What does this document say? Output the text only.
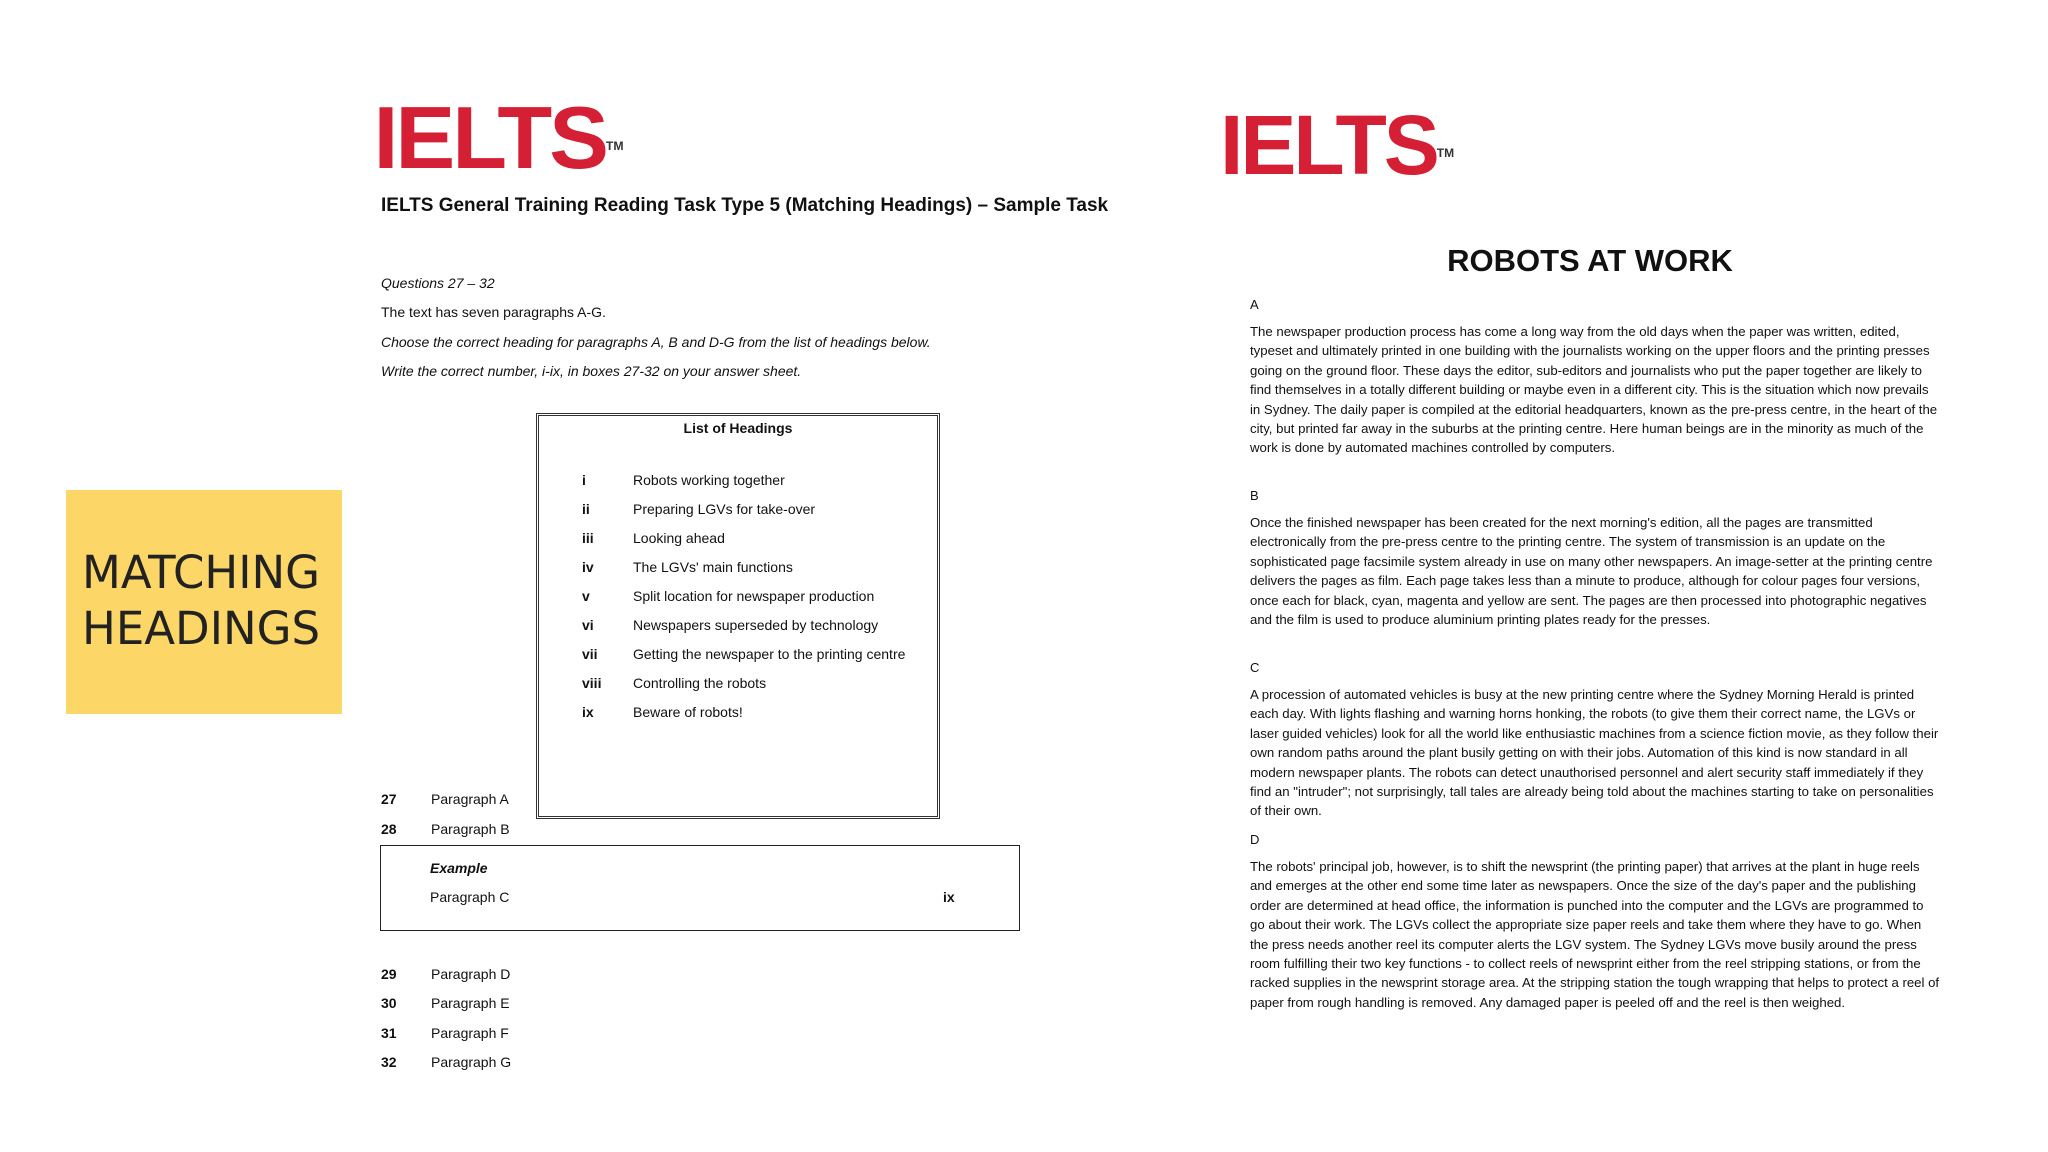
MATCHING
HEADINGS
IELTS™
IELTS General Training Reading Task Type 5 (Matching Headings) – Sample Task
Questions 27 – 32
The text has seven paragraphs A-G.
Choose the correct heading for paragraphs A, B and D-G from the list of headings below.
Write the correct number, i-ix, in boxes 27-32 on your answer sheet.
List of Headings
i	Robots working together
ii	Preparing LGVs for take-over
iii	Looking ahead
iv	The LGVs' main functions
v	Split location for newspaper production
vi	Newspapers superseded by technology
vii	Getting the newspaper to the printing centre
viii	Controlling the robots
ix	Beware of robots!
27	Paragraph A
28	Paragraph B
Example
Paragraph C	ix
29	Paragraph D
30	Paragraph E
31	Paragraph F
32	Paragraph G
IELTS™
ROBOTS AT WORK
A

The newspaper production process has come a long way from the old days when the paper was written, edited, typeset and ultimately printed in one building with the journalists working on the upper floors and the printing presses going on the ground floor. These days the editor, sub-editors and journalists who put the paper together are likely to find themselves in a totally different building or maybe even in a different city. This is the situation which now prevails in Sydney. The daily paper is compiled at the editorial headquarters, known as the pre-press centre, in the heart of the city, but printed far away in the suburbs at the printing centre. Here human beings are in the minority as much of the work is done by automated machines controlled by computers.

B

Once the finished newspaper has been created for the next morning's edition, all the pages are transmitted electronically from the pre-press centre to the printing centre. The system of transmission is an update on the sophisticated page facsimile system already in use on many other newspapers. An image-setter at the printing centre delivers the pages as film. Each page takes less than a minute to produce, although for colour pages four versions, once each for black, cyan, magenta and yellow are sent. The pages are then processed into photographic negatives and the film is used to produce aluminium printing plates ready for the presses.

C

A procession of automated vehicles is busy at the new printing centre where the Sydney Morning Herald is printed each day. With lights flashing and warning horns honking, the robots (to give them their correct name, the LGVs or laser guided vehicles) look for all the world like enthusiastic machines from a science fiction movie, as they follow their own random paths around the plant busily getting on with their jobs. Automation of this kind is now standard in all modern newspaper plants. The robots can detect unauthorised personnel and alert security staff immediately if they find an "intruder"; not surprisingly, tall tales are already being told about the machines starting to take on personalities of their own.

D

The robots' principal job, however, is to shift the newsprint (the printing paper) that arrives at the plant in huge reels and emerges at the other end some time later as newspapers. Once the size of the day's paper and the publishing order are determined at head office, the information is punched into the computer and the LGVs are programmed to go about their work. The LGVs collect the appropriate size paper reels and take them where they have to go. When the press needs another reel its computer alerts the LGV system. The Sydney LGVs move busily around the press room fulfilling their two key functions - to collect reels of newsprint either from the reel stripping stations, or from the racked supplies in the newsprint storage area. At the stripping station the tough wrapping that helps to protect a reel of paper from rough handling is removed. Any damaged paper is peeled off and the reel is then weighed.
